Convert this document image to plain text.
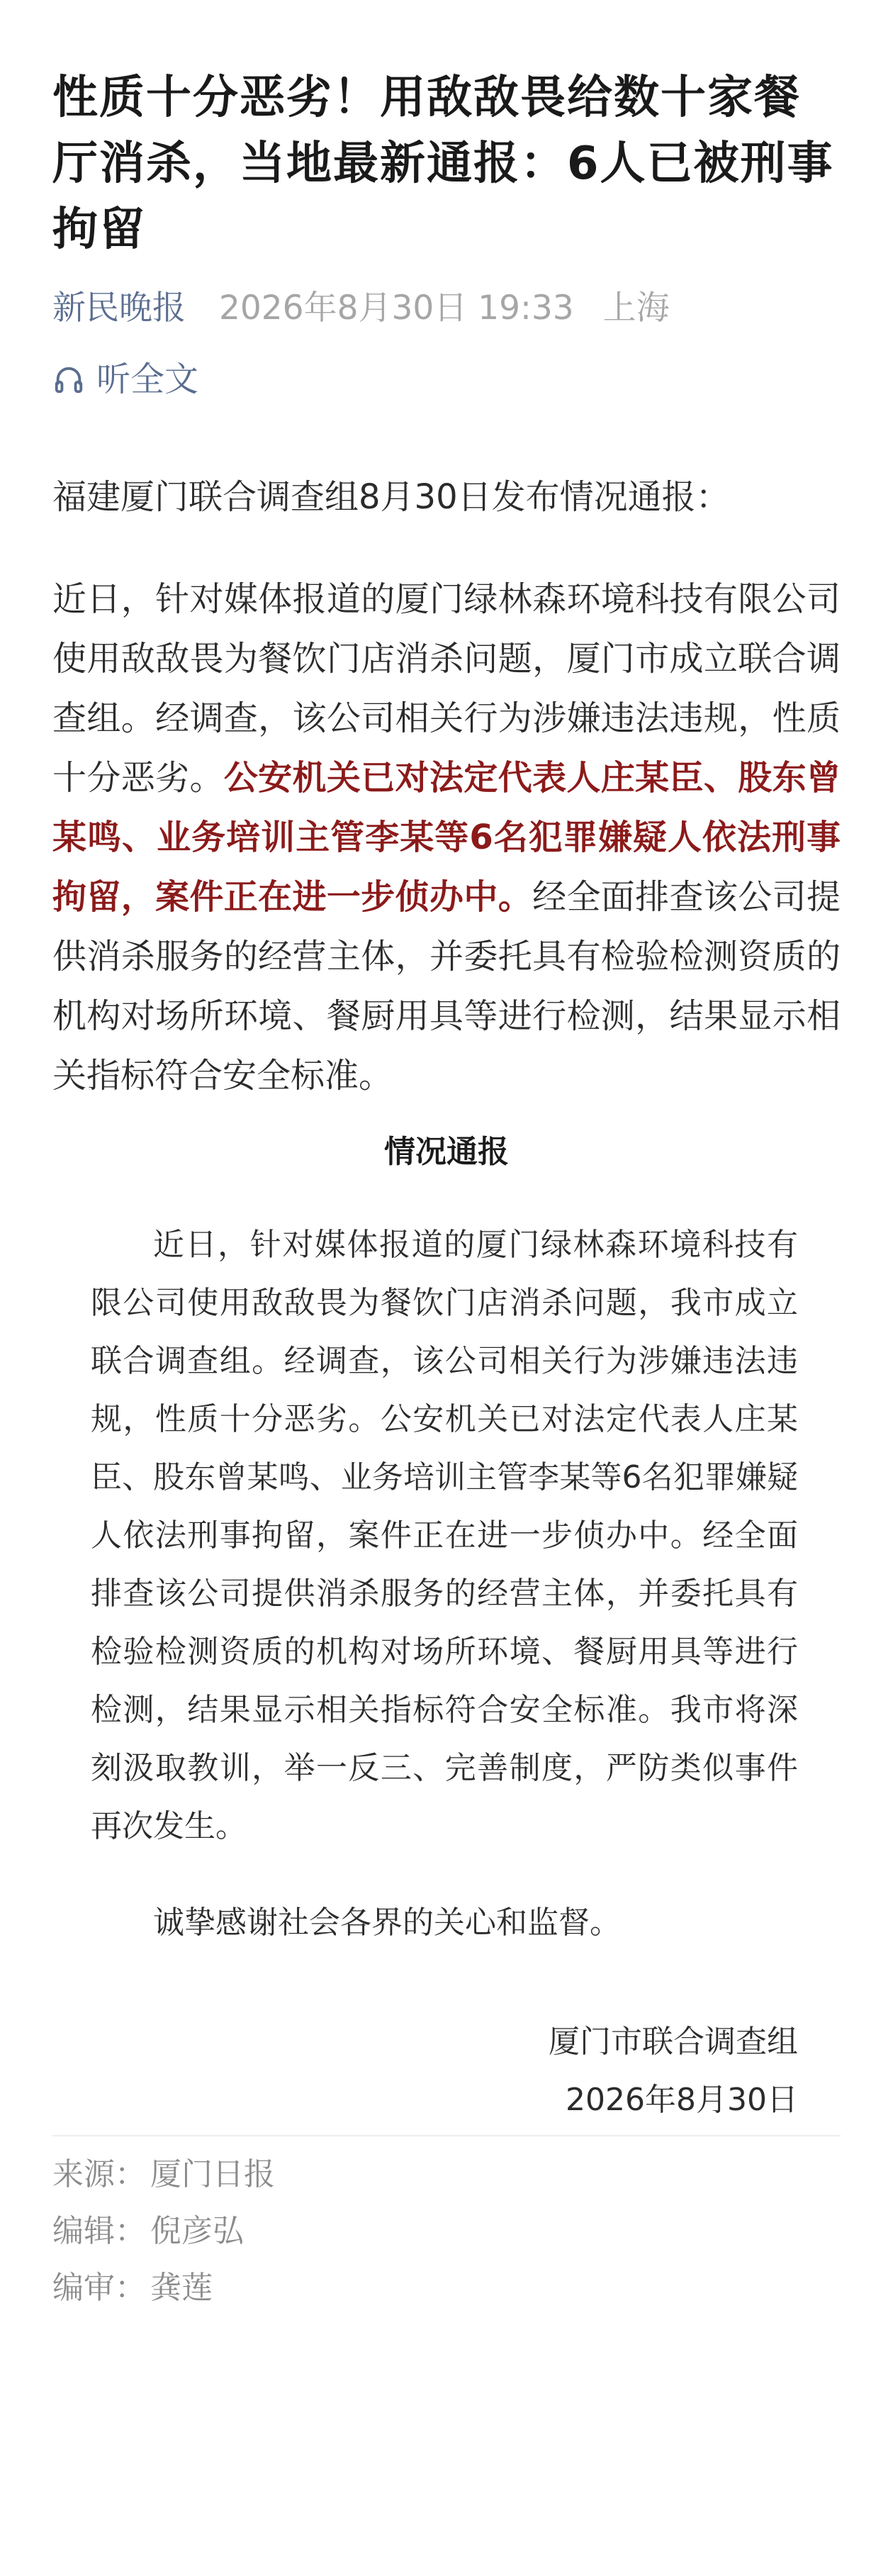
性质十分恶劣！用敌敌畏给数十家餐厅消杀，当地最新通报：6人已被刑事拘留
新民晚报 2026年8月30日 19:33 上海
听全文

福建厦门联合调查组8月30日发布情况通报：

近日，针对媒体报道的厦门绿林森环境科技有限公司使用敌敌畏为餐饮门店消杀问题，厦门市成立联合调查组。经调查，该公司相关行为涉嫌违法违规，性质十分恶劣。公安机关已对法定代表人庄某臣、股东曾某鸣、业务培训主管李某等6名犯罪嫌疑人依法刑事拘留，案件正在进一步侦办中。经全面排查该公司提供消杀服务的经营主体，并委托具有检验检测资质的机构对场所环境、餐厨用具等进行检测，结果显示相关指标符合安全标准。

情况通报

近日，针对媒体报道的厦门绿林森环境科技有限公司使用敌敌畏为餐饮门店消杀问题，我市成立联合调查组。经调查，该公司相关行为涉嫌违法违规，性质十分恶劣。公安机关已对法定代表人庄某臣、股东曾某鸣、业务培训主管李某等6名犯罪嫌疑人依法刑事拘留，案件正在进一步侦办中。经全面排查该公司提供消杀服务的经营主体，并委托具有检验检测资质的机构对场所环境、餐厨用具等进行检测，结果显示相关指标符合安全标准。我市将深刻汲取教训，举一反三、完善制度，严防类似事件再次发生。

诚挚感谢社会各界的关心和监督。

厦门市联合调查组
2026年8月30日
来源： 厦门日报
编辑： 倪彦弘
编审： 龚莲
